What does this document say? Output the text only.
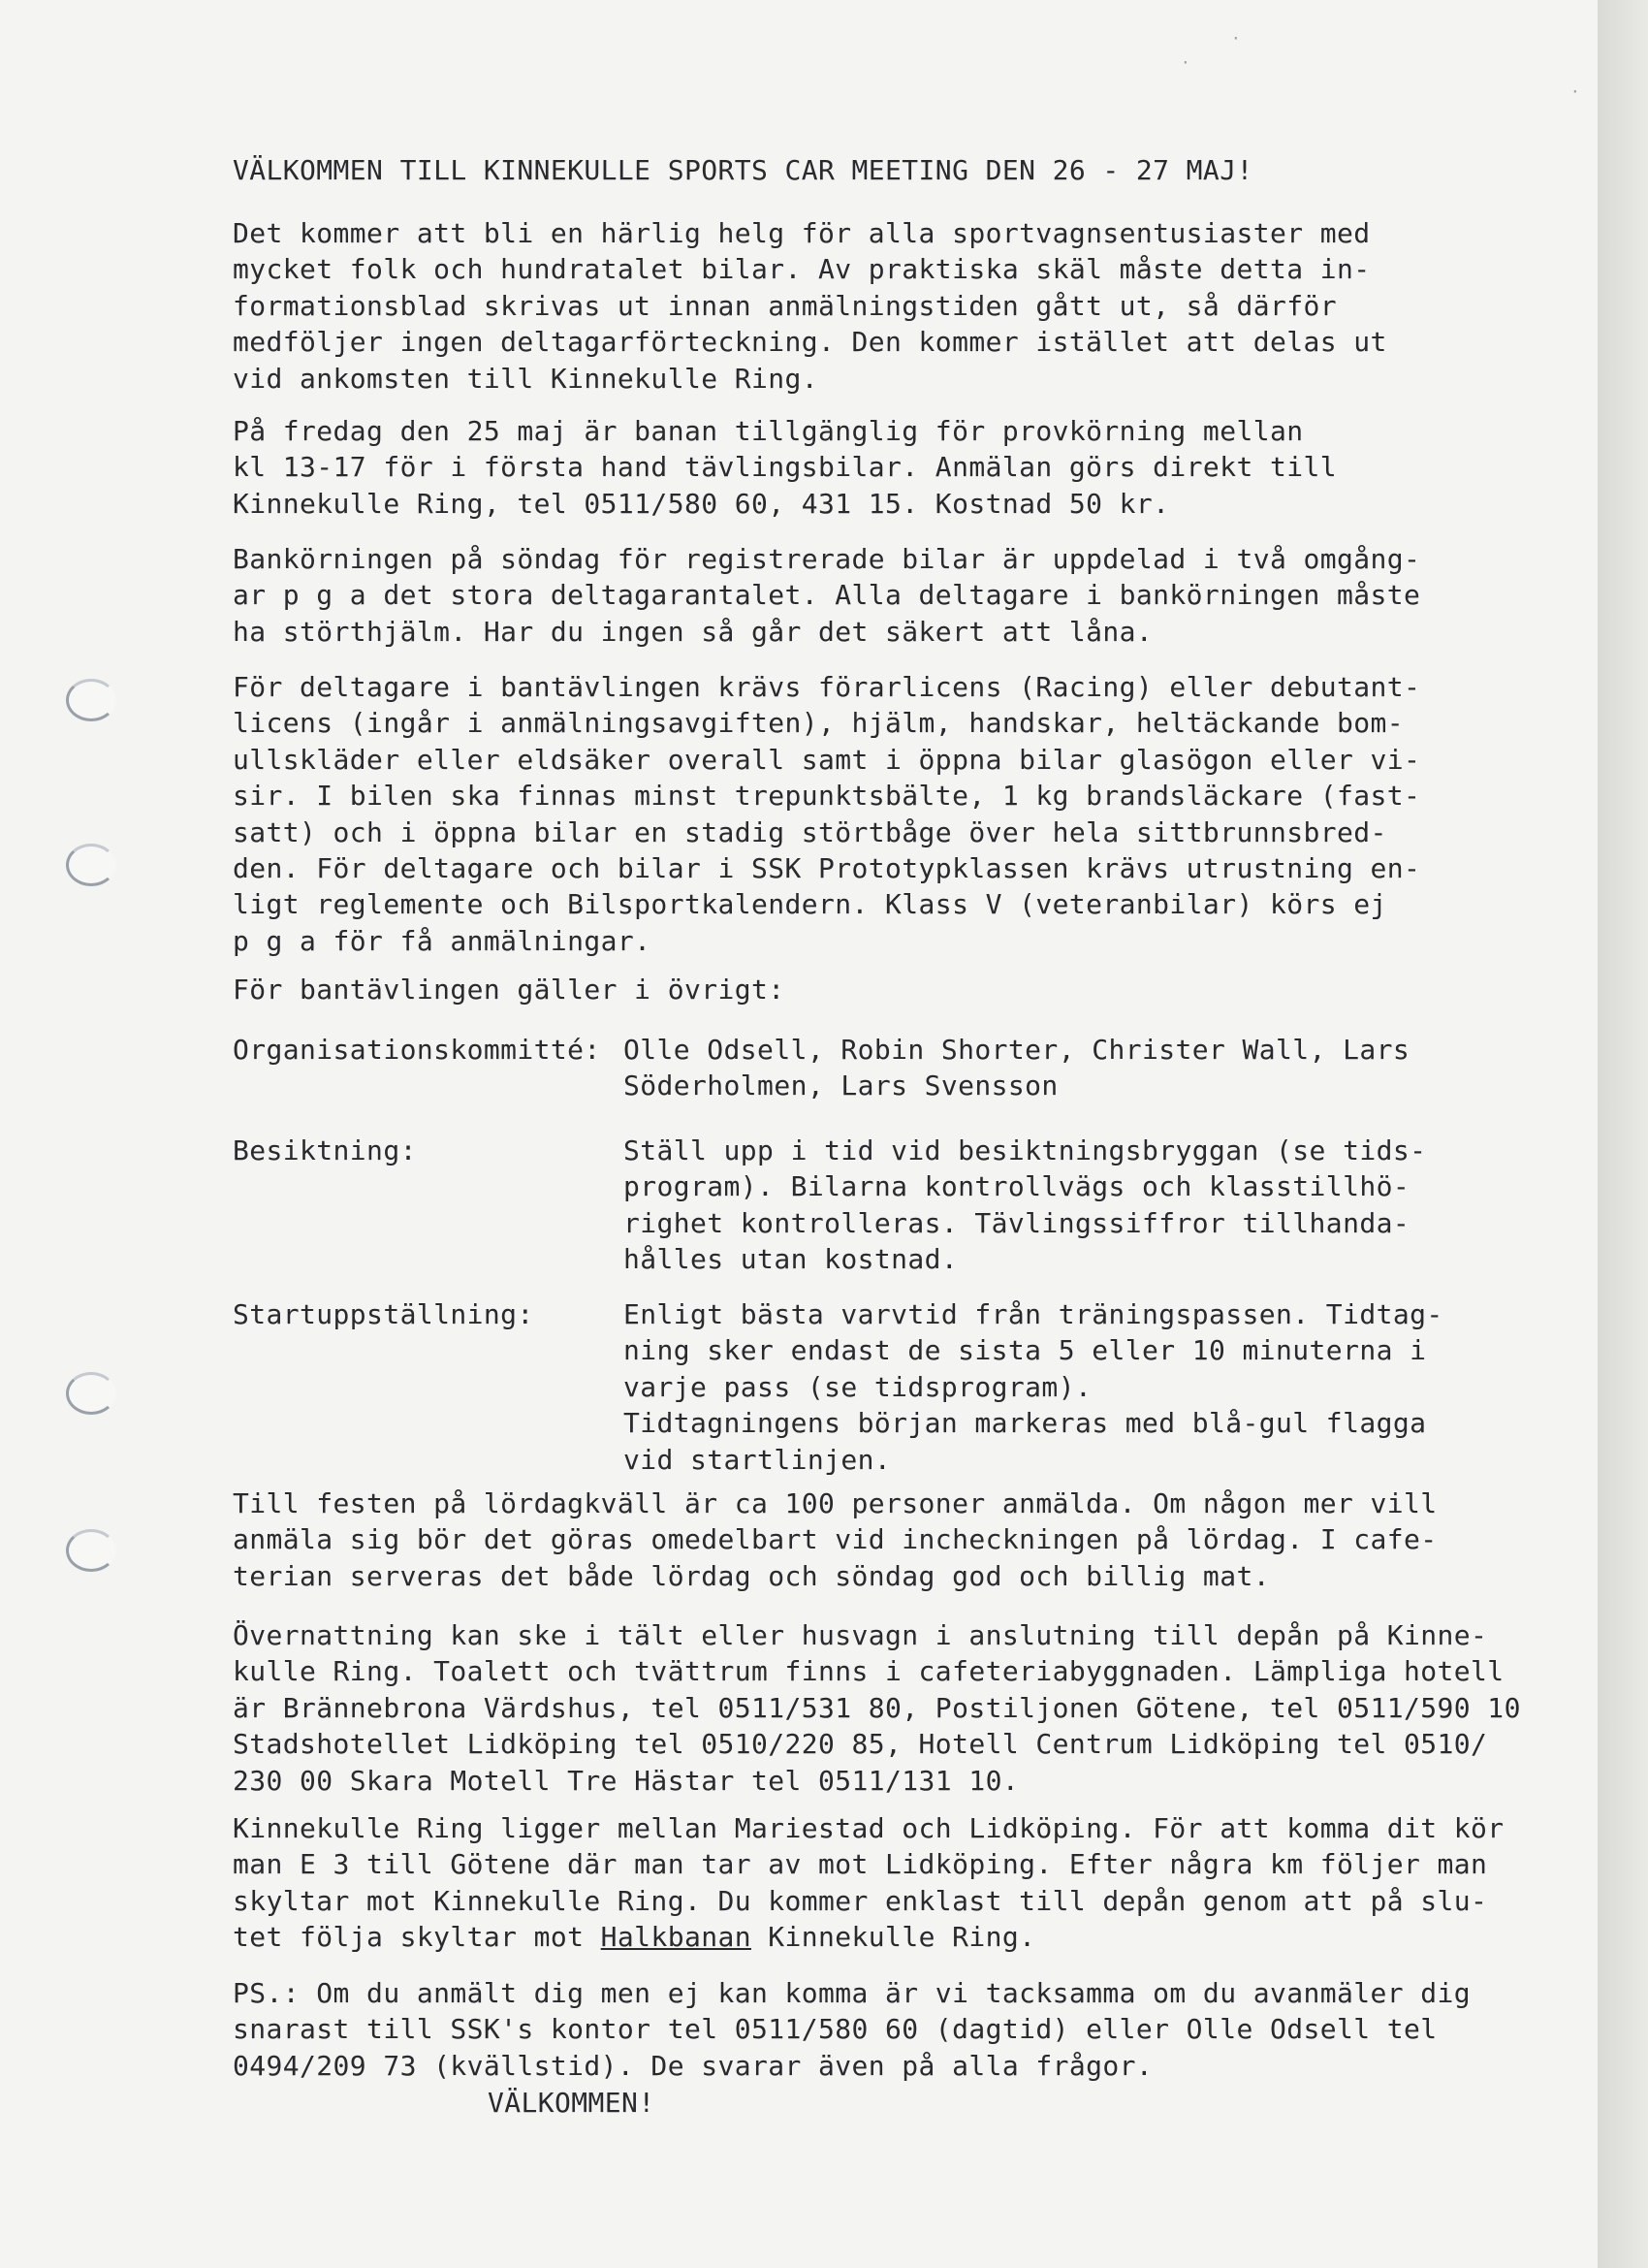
·
·
·
VÄLKOMMEN TILL KINNEKULLE SPORTS CAR MEETING DEN 26 - 27 MAJ!
Det kommer att bli en härlig helg för alla sportvagnsentusiaster med
mycket folk och hundratalet bilar. Av praktiska skäl måste detta in-
formationsblad skrivas ut innan anmälningstiden gått ut, så därför
medföljer ingen deltagarförteckning. Den kommer istället att delas ut
vid ankomsten till Kinnekulle Ring.
På fredag den 25 maj är banan tillgänglig för provkörning mellan
kl 13-17 för i första hand tävlingsbilar. Anmälan görs direkt till
Kinnekulle Ring, tel 0511/580 60, 431 15. Kostnad 50 kr.
Bankörningen på söndag för registrerade bilar är uppdelad i två omgång-
ar p g a det stora deltagarantalet. Alla deltagare i bankörningen måste
ha störthjälm. Har du ingen så går det säkert att låna.
För deltagare i bantävlingen krävs förarlicens (Racing) eller debutant-
licens (ingår i anmälningsavgiften), hjälm, handskar, heltäckande bom-
ullskläder eller eldsäker overall samt i öppna bilar glasögon eller vi-
sir. I bilen ska finnas minst trepunktsbälte, 1 kg brandsläckare (fast-
satt) och i öppna bilar en stadig störtbåge över hela sittbrunnsbred-
den. För deltagare och bilar i SSK Prototypklassen krävs utrustning en-
ligt reglemente och Bilsportkalendern. Klass V (veteranbilar) körs ej
p g a för få anmälningar.
För bantävlingen gäller i övrigt:
Organisationskommitté: Olle Odsell, Robin Shorter, Christer Wall, Lars
Söderholmen, Lars Svensson
Besiktning:	Ställ upp i tid vid besiktningsbryggan (se tids-
program). Bilarna kontrollvägs och klasstillhö-
righet kontrolleras. Tävlingssiffror tillhanda-
hålles utan kostnad.
Startuppställning:	Enligt bästa varvtid från träningspassen. Tidtag-
ning sker endast de sista 5 eller 10 minuterna i
varje pass (se tidsprogram).
Tidtagningens början markeras med blå-gul flagga
vid startlinjen.
Till festen på lördagkväll är ca 100 personer anmälda. Om någon mer vill
anmäla sig bör det göras omedelbart vid incheckningen på lördag. I cafe-
terian serveras det både lördag och söndag god och billig mat.
Övernattning kan ske i tält eller husvagn i anslutning till depån på Kinne-
kulle Ring. Toalett och tvättrum finns i cafeteriabyggnaden. Lämpliga hotell
är Brännebrona Värdshus, tel 0511/531 80, Postiljonen Götene, tel 0511/590 10
Stadshotellet Lidköping tel 0510/220 85, Hotell Centrum Lidköping tel 0510/
230 00 Skara Motell Tre Hästar tel 0511/131 10.
Kinnekulle Ring ligger mellan Mariestad och Lidköping. För att komma dit kör
man E 3 till Götene där man tar av mot Lidköping. Efter några km följer man
skyltar mot Kinnekulle Ring. Du kommer enklast till depån genom att på slu-
tet följa skyltar mot Halkbanan Kinnekulle Ring.
PS.: Om du anmält dig men ej kan komma är vi tacksamma om du avanmäler dig
snarast till SSK's kontor tel 0511/580 60 (dagtid) eller Olle Odsell tel
0494/209 73 (kvällstid). De svarar även på alla frågor.
VÄLKOMMEN!
